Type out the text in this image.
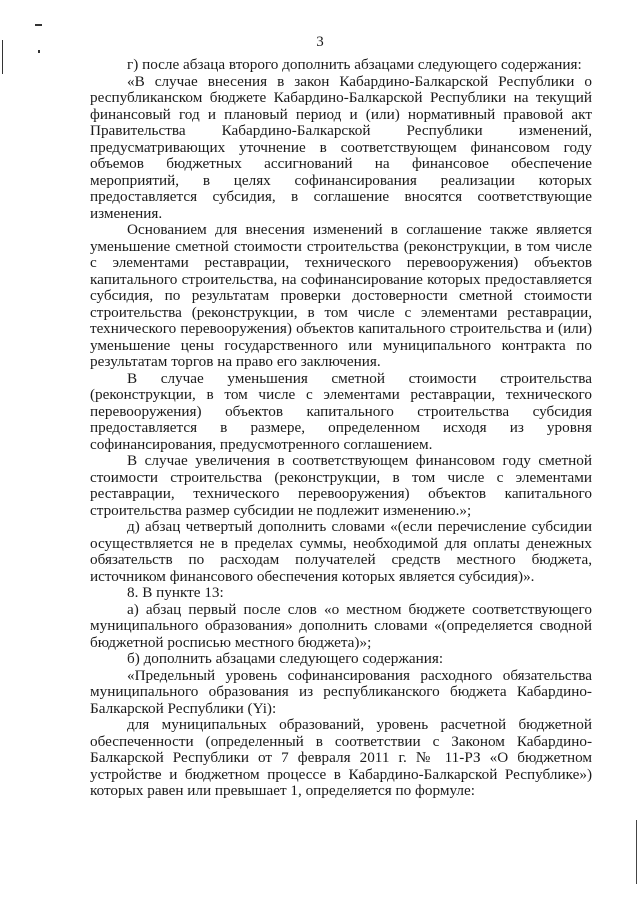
3

г) после абзаца второго дополнить абзацами следующего содержания:

«В случае внесения в закон Кабардино-Балкарской Республики о республиканском бюджете Кабардино-Балкарской Республики на текущий финансовый год и плановый период и (или) нормативный правовой акт Правительства Кабардино-Балкарской Республики изменений, предусматривающих уточнение в соответствующем финансовом году объемов бюджетных ассигнований на финансовое обеспечение мероприятий, в целях софинансирования реализации которых предоставляется субсидия, в соглашение вносятся соответствующие изменения.

Основанием для внесения изменений в соглашение также является уменьшение сметной стоимости строительства (реконструкции, в том числе с элементами реставрации, технического перевооружения) объектов капитального строительства, на софинансирование которых предоставляется субсидия, по результатам проверки достоверности сметной стоимости строительства (реконструкции, в том числе с элементами реставрации, технического перевооружения) объектов капитального строительства и (или) уменьшение цены государственного или муниципального контракта по результатам торгов на право его заключения.

В случае уменьшения сметной стоимости строительства (реконструкции, в том числе с элементами реставрации, технического перевооружения) объектов капитального строительства субсидия предоставляется в размере, определенном исходя из уровня софинансирования, предусмотренного соглашением.

В случае увеличения в соответствующем финансовом году сметной стоимости строительства (реконструкции, в том числе с элементами реставрации, технического перевооружения) объектов капитального строительства размер субсидии не подлежит изменению.»;

д) абзац четвертый дополнить словами «(если перечисление субсидии осуществляется не в пределах суммы, необходимой для оплаты денежных обязательств по расходам получателей средств местного бюджета, источником финансового обеспечения которых является субсидия)».

8. В пункте 13:

а) абзац первый после слов «о местном бюджете соответствующего муниципального образования» дополнить словами «(определяется сводной бюджетной росписью местного бюджета)»;

б) дополнить абзацами следующего содержания:

«Предельный уровень софинансирования расходного обязательства муниципального образования из республиканского бюджета Кабардино-Балкарской Республики (Yi):

для муниципальных образований, уровень расчетной бюджетной обеспеченности (определенный в соответствии с Законом Кабардино-Балкарской Республики от 7 февраля 2011 г. № 11-РЗ «О бюджетном устройстве и бюджетном процессе в Кабардино-Балкарской Республике») которых равен или превышает 1, определяется по формуле:
